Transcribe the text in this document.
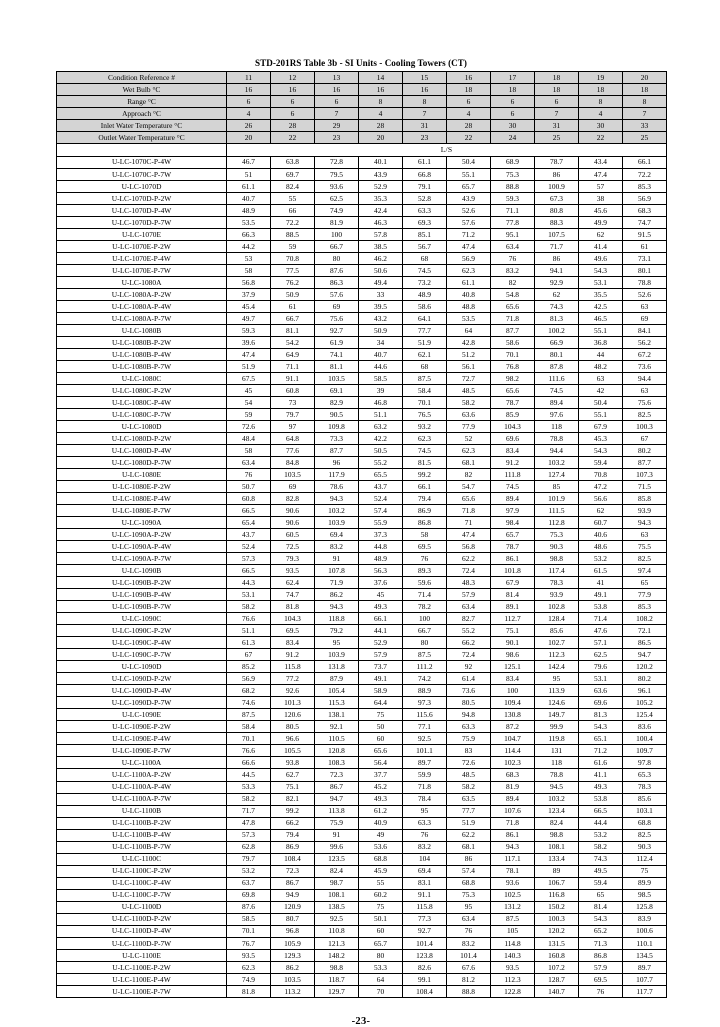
STD-201RS Table 3b - SI Units - Cooling Towers (CT)
Condition Reference #	11	12	13	14	15	16	17	18	19	20
Wet Bulb °C	16	16	16	16	16	18	18	18	18	18
Range °C	6	6	6	8	8	6	6	6	8	8
Approach °C	4	6	7	4	7	4	6	7	4	7
Inlet Water Temperature °C	26	28	29	28	31	28	30	31	30	33
Outlet Water Temperature °C	20	22	23	20	23	22	24	25	22	25
	L/S									
U-LC-1070C-P-4W	46.7	63.8	72.8	40.1	61.1	50.4	68.9	78.7	43.4	66.1
U-LC-1070C-P-7W	51	69.7	79.5	43.9	66.8	55.1	75.3	86	47.4	72.2
U-LC-1070D	61.1	82.4	93.6	52.9	79.1	65.7	88.8	100.9	57	85.3
U-LC-1070D-P-2W	40.7	55	62.5	35.3	52.8	43.9	59.3	67.3	38	56.9
U-LC-1070D-P-4W	48.9	66	74.9	42.4	63.3	52.6	71.1	80.8	45.6	68.3
U-LC-1070D-P-7W	53.5	72.2	81.9	46.3	69.3	57.6	77.8	88.3	49.9	74.7
U-LC-1070E	66.3	88.5	100	57.8	85.1	71.2	95.1	107.5	62	91.5
U-LC-1070E-P-2W	44.2	59	66.7	38.5	56.7	47.4	63.4	71.7	41.4	61
U-LC-1070E-P-4W	53	70.8	80	46.2	68	56.9	76	86	49.6	73.1
U-LC-1070E-P-7W	58	77.5	87.6	50.6	74.5	62.3	83.2	94.1	54.3	80.1
U-LC-1080A	56.8	76.2	86.3	49.4	73.2	61.1	82	92.9	53.1	78.8
U-LC-1080A-P-2W	37.9	50.9	57.6	33	48.9	40.8	54.8	62	35.5	52.6
U-LC-1080A-P-4W	45.4	61	69	39.5	58.6	48.8	65.6	74.3	42.5	63
U-LC-1080A-P-7W	49.7	66.7	75.6	43.2	64.1	53.5	71.8	81.3	46.5	69
U-LC-1080B	59.3	81.1	92.7	50.9	77.7	64	87.7	100.2	55.1	84.1
U-LC-1080B-P-2W	39.6	54.2	61.9	34	51.9	42.8	58.6	66.9	36.8	56.2
U-LC-1080B-P-4W	47.4	64.9	74.1	40.7	62.1	51.2	70.1	80.1	44	67.2
U-LC-1080B-P-7W	51.9	71.1	81.1	44.6	68	56.1	76.8	87.8	48.2	73.6
U-LC-1080C	67.5	91.1	103.5	58.5	87.5	72.7	98.2	111.6	63	94.4
U-LC-1080C-P-2W	45	60.8	69.1	39	58.4	48.5	65.6	74.5	42	63
U-LC-1080C-P-4W	54	73	82.9	46.8	70.1	58.2	78.7	89.4	50.4	75.6
U-LC-1080C-P-7W	59	79.7	90.5	51.1	76.5	63.6	85.9	97.6	55.1	82.5
U-LC-1080D	72.6	97	109.8	63.2	93.2	77.9	104.3	118	67.9	100.3
U-LC-1080D-P-2W	48.4	64.8	73.3	42.2	62.3	52	69.6	78.8	45.3	67
U-LC-1080D-P-4W	58	77.6	87.7	50.5	74.5	62.3	83.4	94.4	54.3	80.2
U-LC-1080D-P-7W	63.4	84.8	96	55.2	81.5	68.1	91.2	103.2	59.4	87.7
U-LC-1080E	76	103.5	117.9	65.5	99.2	82	111.8	127.4	70.8	107.3
U-LC-1080E-P-2W	50.7	69	78.6	43.7	66.1	54.7	74.5	85	47.2	71.5
U-LC-1080E-P-4W	60.8	82.8	94.3	52.4	79.4	65.6	89.4	101.9	56.6	85.8
U-LC-1080E-P-7W	66.5	90.6	103.2	57.4	86.9	71.8	97.9	111.5	62	93.9
U-LC-1090A	65.4	90.6	103.9	55.9	86.8	71	98.4	112.8	60.7	94.3
U-LC-1090A-P-2W	43.7	60.5	69.4	37.3	58	47.4	65.7	75.3	40.6	63
U-LC-1090A-P-4W	52.4	72.5	83.2	44.8	69.5	56.8	78.7	90.3	48.6	75.5
U-LC-1090A-P-7W	57.3	79.3	91	48.9	76	62.2	86.1	98.8	53.2	82.5
U-LC-1090B	66.5	93.5	107.8	56.3	89.3	72.4	101.8	117.4	61.5	97.4
U-LC-1090B-P-2W	44.3	62.4	71.9	37.6	59.6	48.3	67.9	78.3	41	65
U-LC-1090B-P-4W	53.1	74.7	86.2	45	71.4	57.9	81.4	93.9	49.1	77.9
U-LC-1090B-P-7W	58.2	81.8	94.3	49.3	78.2	63.4	89.1	102.8	53.8	85.3
U-LC-1090C	76.6	104.3	118.8	66.1	100	82.7	112.7	128.4	71.4	108.2
U-LC-1090C-P-2W	51.1	69.5	79.2	44.1	66.7	55.2	75.1	85.6	47.6	72.1
U-LC-1090C-P-4W	61.3	83.4	95	52.9	80	66.2	90.1	102.7	57.1	86.5
U-LC-1090C-P-7W	67	91.2	103.9	57.9	87.5	72.4	98.6	112.3	62.5	94.7
U-LC-1090D	85.2	115.8	131.8	73.7	111.2	92	125.1	142.4	79.6	120.2
U-LC-1090D-P-2W	56.9	77.2	87.9	49.1	74.2	61.4	83.4	95	53.1	80.2
U-LC-1090D-P-4W	68.2	92.6	105.4	58.9	88.9	73.6	100	113.9	63.6	96.1
U-LC-1090D-P-7W	74.6	101.3	115.3	64.4	97.3	80.5	109.4	124.6	69.6	105.2
U-LC-1090E	87.5	120.6	138.1	75	115.6	94.8	130.8	149.7	81.3	125.4
U-LC-1090E-P-2W	58.4	80.5	92.1	50	77.1	63.3	87.2	99.9	54.3	83.6
U-LC-1090E-P-4W	70.1	96.6	110.5	60	92.5	75.9	104.7	119.8	65.1	100.4
U-LC-1090E-P-7W	76.6	105.5	120.8	65.6	101.1	83	114.4	131	71.2	109.7
U-LC-1100A	66.6	93.8	108.3	56.4	89.7	72.6	102.3	118	61.6	97.8
U-LC-1100A-P-2W	44.5	62.7	72.3	37.7	59.9	48.5	68.3	78.8	41.1	65.3
U-LC-1100A-P-4W	53.3	75.1	86.7	45.2	71.8	58.2	81.9	94.5	49.3	78.3
U-LC-1100A-P-7W	58.2	82.1	94.7	49.3	78.4	63.5	89.4	103.2	53.8	85.6
U-LC-1100B	71.7	99.2	113.8	61.2	95	77.7	107.6	123.4	66.5	103.1
U-LC-1100B-P-2W	47.8	66.2	75.9	40.9	63.3	51.9	71.8	82.4	44.4	68.8
U-LC-1100B-P-4W	57.3	79.4	91	49	76	62.2	86.1	98.8	53.2	82.5
U-LC-1100B-P-7W	62.8	86.9	99.6	53.6	83.2	68.1	94.3	108.1	58.2	90.3
U-LC-1100C	79.7	108.4	123.5	68.8	104	86	117.1	133.4	74.3	112.4
U-LC-1100C-P-2W	53.2	72.3	82.4	45.9	69.4	57.4	78.1	89	49.5	75
U-LC-1100C-P-4W	63.7	86.7	98.7	55	83.1	68.8	93.6	106.7	59.4	89.9
U-LC-1100C-P-7W	69.8	94.9	108.1	60.2	91.1	75.3	102.5	116.8	65	98.5
U-LC-1100D	87.6	120.9	138.5	75	115.8	95	131.2	150.2	81.4	125.8
U-LC-1100D-P-2W	58.5	80.7	92.5	50.1	77.3	63.4	87.5	100.3	54.3	83.9
U-LC-1100D-P-4W	70.1	96.8	110.8	60	92.7	76	105	120.2	65.2	100.6
U-LC-1100D-P-7W	76.7	105.9	121.3	65.7	101.4	83.2	114.8	131.5	71.3	110.1
U-LC-1100E	93.5	129.3	148.2	80	123.8	101.4	140.3	160.8	86.8	134.5
U-LC-1100E-P-2W	62.3	86.2	98.8	53.3	82.6	67.6	93.5	107.2	57.9	89.7
U-LC-1100E-P-4W	74.9	103.5	118.7	64	99.1	81.2	112.3	128.7	69.5	107.7
U-LC-1100E-P-7W	81.8	113.2	129.7	70	108.4	88.8	122.8	140.7	76	117.7
-23-
